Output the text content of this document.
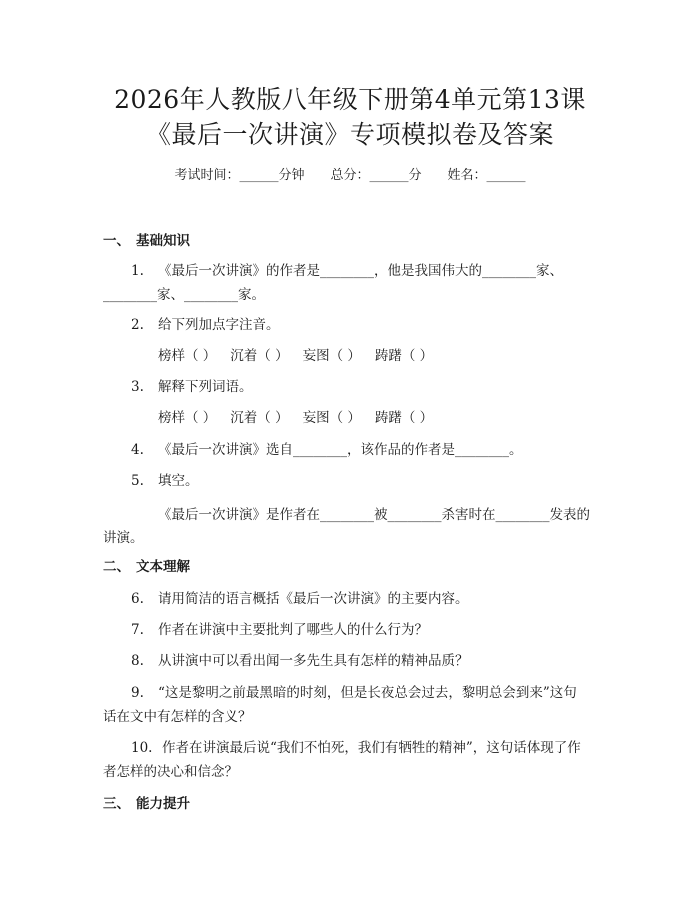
2026年人教版八年级下册第4单元第13课
《最后一次讲演》专项模拟卷及答案
考试时间：______分钟 总分：______分 姓名：______
一、 基础知识
1. 《最后一次讲演》的作者是________，他是我国伟大的________家、
________家、________家。
2. 给下列加点字注音。
榜样（ ） 沉着（ ） 妄图（ ） 踌躇（ ）
3. 解释下列词语。
榜样（ ） 沉着（ ） 妄图（ ） 踌躇（ ）
4. 《最后一次讲演》选自________，该作品的作者是________。
5. 填空。
《最后一次讲演》是作者在________被________杀害时在________发表的
讲演。
二、 文本理解
6. 请用简洁的语言概括《最后一次讲演》的主要内容。
7. 作者在讲演中主要批判了哪些人的什么行为？
8. 从讲演中可以看出闻一多先生具有怎样的精神品质？
9. “这是黎明之前最黑暗的时刻，但是长夜总会过去，黎明总会到来”这句
话在文中有怎样的含义？
10. 作者在讲演最后说“我们不怕死，我们有牺牲的精神”，这句话体现了作
者怎样的决心和信念？
三、 能力提升
